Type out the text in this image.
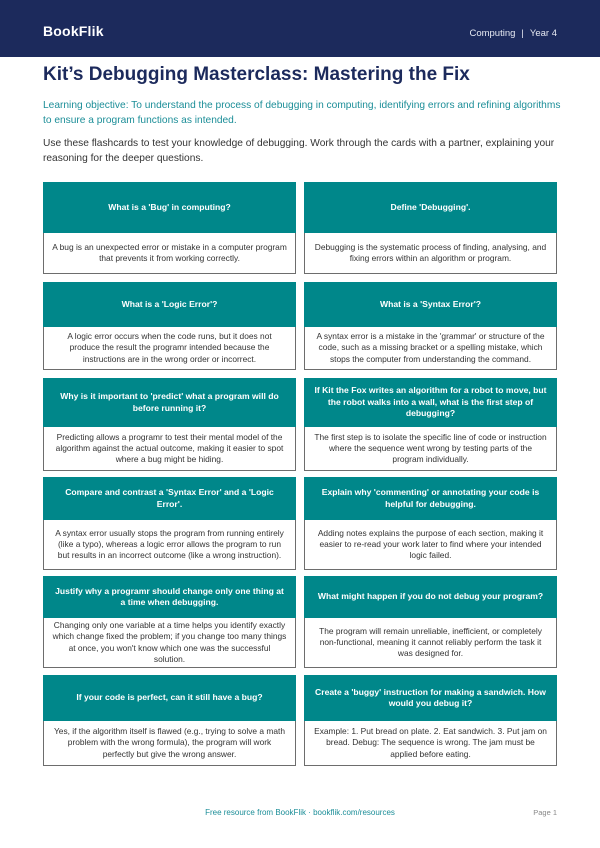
BookFlik	Computing | Year 4
Kit’s Debugging Masterclass: Mastering the Fix
Learning objective: To understand the process of debugging in computing, identifying errors and refining algorithms to ensure a program functions as intended.
Use these flashcards to test your knowledge of debugging. Work through the cards with a partner, explaining your reasoning for the deeper questions.
What is a 'Bug' in computing?
A bug is an unexpected error or mistake in a computer program that prevents it from working correctly.
Define 'Debugging'.
Debugging is the systematic process of finding, analysing, and fixing errors within an algorithm or program.
What is a 'Logic Error'?
A logic error occurs when the code runs, but it does not produce the result the programr intended because the instructions are in the wrong order or incorrect.
What is a 'Syntax Error'?
A syntax error is a mistake in the 'grammar' or structure of the code, such as a missing bracket or a spelling mistake, which stops the computer from understanding the command.
Why is it important to 'predict' what a program will do before running it?
Predicting allows a programr to test their mental model of the algorithm against the actual outcome, making it easier to spot where a bug might be hiding.
If Kit the Fox writes an algorithm for a robot to move, but the robot walks into a wall, what is the first step of debugging?
The first step is to isolate the specific line of code or instruction where the sequence went wrong by testing parts of the program individually.
Compare and contrast a 'Syntax Error' and a 'Logic Error'.
A syntax error usually stops the program from running entirely (like a typo), whereas a logic error allows the program to run but results in an incorrect outcome (like a wrong instruction).
Explain why 'commenting' or annotating your code is helpful for debugging.
Adding notes explains the purpose of each section, making it easier to re-read your work later to find where your intended logic failed.
Justify why a programr should change only one thing at a time when debugging.
Changing only one variable at a time helps you identify exactly which change fixed the problem; if you change too many things at once, you won't know which one was the successful solution.
What might happen if you do not debug your program?
The program will remain unreliable, inefficient, or completely non-functional, meaning it cannot reliably perform the task it was designed for.
If your code is perfect, can it still have a bug?
Yes, if the algorithm itself is flawed (e.g., trying to solve a math problem with the wrong formula), the program will work perfectly but give the wrong answer.
Create a 'buggy' instruction for making a sandwich. How would you debug it?
Example: 1. Put bread on plate. 2. Eat sandwich. 3. Put jam on bread. Debug: The sequence is wrong. The jam must be applied before eating.
Free resource from BookFlik · bookflik.com/resources	Page 1
